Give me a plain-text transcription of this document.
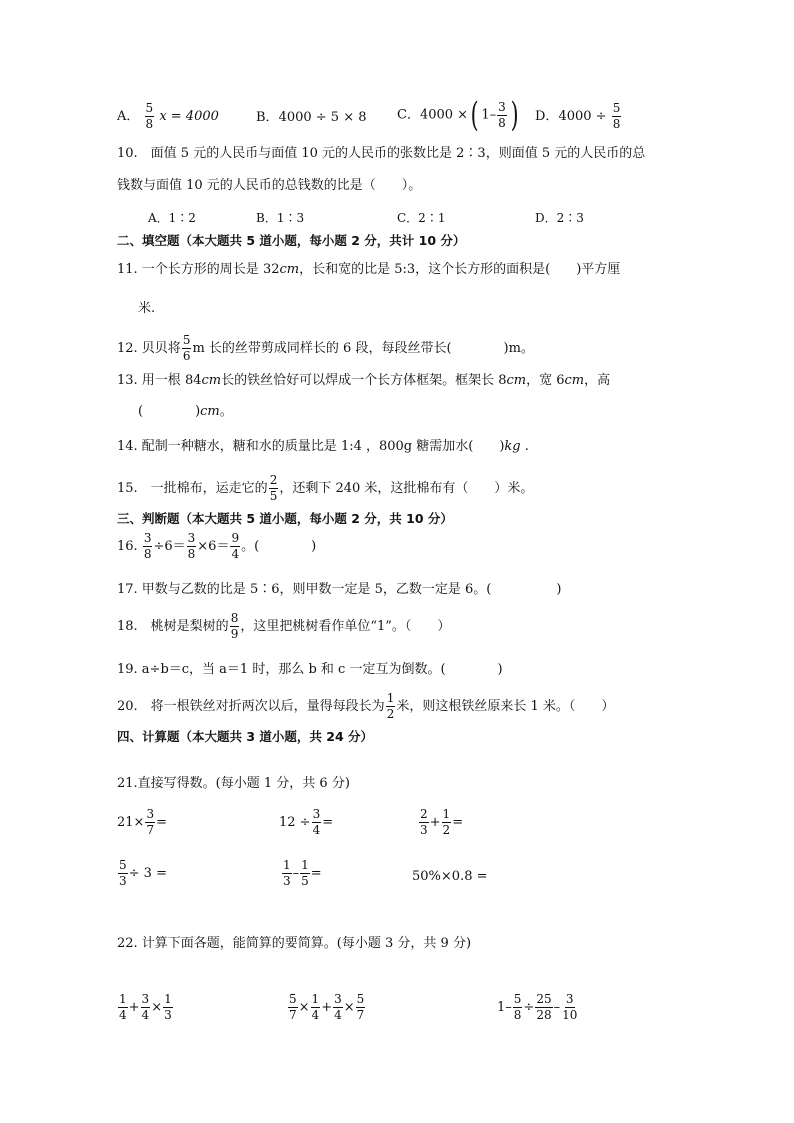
A． $\frac{5}{8}$ x = 4000	B．4000 ÷ 5 × 8 C．4000 ×( $1- \frac{3}{8}$ ) D．$4000 \div \frac{5}{8}$
10.　面值 5 元的人民币与面值 10 元的人民币的张数比是 2∶3，则面值 5 元的人民币的总
钱数与面值 10 元的人民币的总钱数的比是（　　）。
A．1∶2	B．1∶3	C．2∶1	D．2∶3
二、填空题（本大题共 5 道小题，每小题 2 分，共计 10 分）
11. 一个长方形的周长是 32cm，长和宽的比是 5:3，这个长方形的面积是(　　)平方厘
米.
12. 贝贝将 $\frac{5}{6}$ m 长的丝带剪成同样长的 6 段，每段丝带长(　　　　)m。
13. 用一根 84cm长的铁丝恰好可以焊成一个长方体框架。框架长 8cm，宽 6cm，高
(　　　　)cm。
14. 配制一种糖水，糖和水的质量比是 1:4 ，800g 糖需加水(　　)kg .
15.　一批棉布，运走它的 $\frac{2}{5}$ ，还剩下 240 米，这批棉布有（　　）米。
三、判断题（本大题共 5 道小题，每小题 2 分，共 10 分）
16. $\frac{3}{8} \div 6= \frac{3}{8} \times 6= \frac{9}{4}$ 。(　　　　)
17. 甲数与乙数的比是 5∶6，则甲数一定是 5，乙数一定是 6。(　　　　　)
18.　桃树是梨树的 $\frac{8}{9}$ ，这里把桃树看作单位“1”。（　　）
19. a÷b＝c，当 a＝1 时，那么 b 和 c 一定互为倒数。(　　　　)
20.　将一根铁丝对折两次以后，量得每段长为 $\frac{1}{2}$ 米，则这根铁丝原来长 1 米。（　　）
四、计算题（本大题共 3 道小题，共 24 分）
21.直接写得数。(每小题 1 分，共 6 分)
$21\times \frac{3}{7}$ =	$12 \div \frac{3}{4}$ =	$\frac{2}{3} + \frac{1}{2}$ =
$\frac{5}{3} \div 3$ =	$\frac{1}{3} - \frac{1}{5}$ =	50%×0.8 =
22. 计算下面各题，能简算的要简算。(每小题 3 分，共 9 分)
$\frac{1}{4} + \frac{3}{4} \times \frac{1}{3}$	$\frac{5}{7} \times \frac{1}{4} + \frac{3}{4} \times \frac{5}{7}$	$1- \frac{5}{8} \div \frac{25}{28} - \frac{3}{10}$
